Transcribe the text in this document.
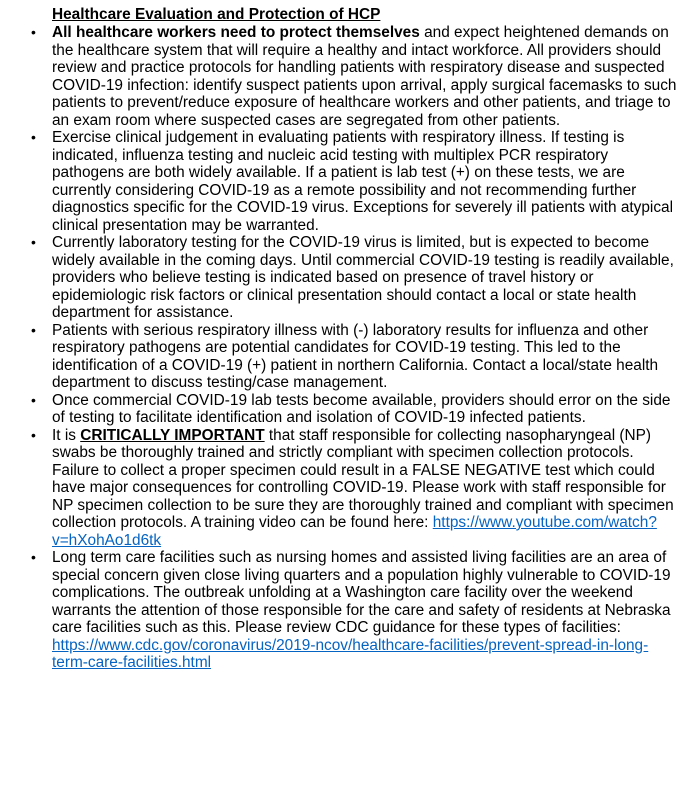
Healthcare Evaluation and Protection of HCP
• All healthcare workers need to protect themselves and expect heightened demands on the healthcare system that will require a healthy and intact workforce. All providers should review and practice protocols for handling patients with respiratory disease and suspected COVID-19 infection: identify suspect patients upon arrival, apply surgical facemasks to such patients to prevent/reduce exposure of healthcare workers and other patients, and triage to an exam room where suspected cases are segregated from other patients.
• Exercise clinical judgement in evaluating patients with respiratory illness. If testing is indicated, influenza testing and nucleic acid testing with multiplex PCR respiratory pathogens are both widely available. If a patient is lab test (+) on these tests, we are currently considering COVID-19 as a remote possibility and not recommending further diagnostics specific for the COVID-19 virus. Exceptions for severely ill patients with atypical clinical presentation may be warranted.
• Currently laboratory testing for the COVID-19 virus is limited, but is expected to become widely available in the coming days. Until commercial COVID-19 testing is readily available, providers who believe testing is indicated based on presence of travel history or epidemiologic risk factors or clinical presentation should contact a local or state health department for assistance.
• Patients with serious respiratory illness with (-) laboratory results for influenza and other respiratory pathogens are potential candidates for COVID-19 testing. This led to the identification of a COVID-19 (+) patient in northern California. Contact a local/state health department to discuss testing/case management.
• Once commercial COVID-19 lab tests become available, providers should error on the side of testing to facilitate identification and isolation of COVID-19 infected patients.
• It is CRITICALLY IMPORTANT that staff responsible for collecting nasopharyngeal (NP) swabs be thoroughly trained and strictly compliant with specimen collection protocols. Failure to collect a proper specimen could result in a FALSE NEGATIVE test which could have major consequences for controlling COVID-19. Please work with staff responsible for NP specimen collection to be sure they are thoroughly trained and compliant with specimen collection protocols. A training video can be found here: https://www.youtube.com/watch?v=hXohAo1d6tk
• Long term care facilities such as nursing homes and assisted living facilities are an area of special concern given close living quarters and a population highly vulnerable to COVID-19 complications. The outbreak unfolding at a Washington care facility over the weekend warrants the attention of those responsible for the care and safety of residents at Nebraska care facilities such as this. Please review CDC guidance for these types of facilities: https://www.cdc.gov/coronavirus/2019-ncov/healthcare-facilities/prevent-spread-in-long-term-care-facilities.html
